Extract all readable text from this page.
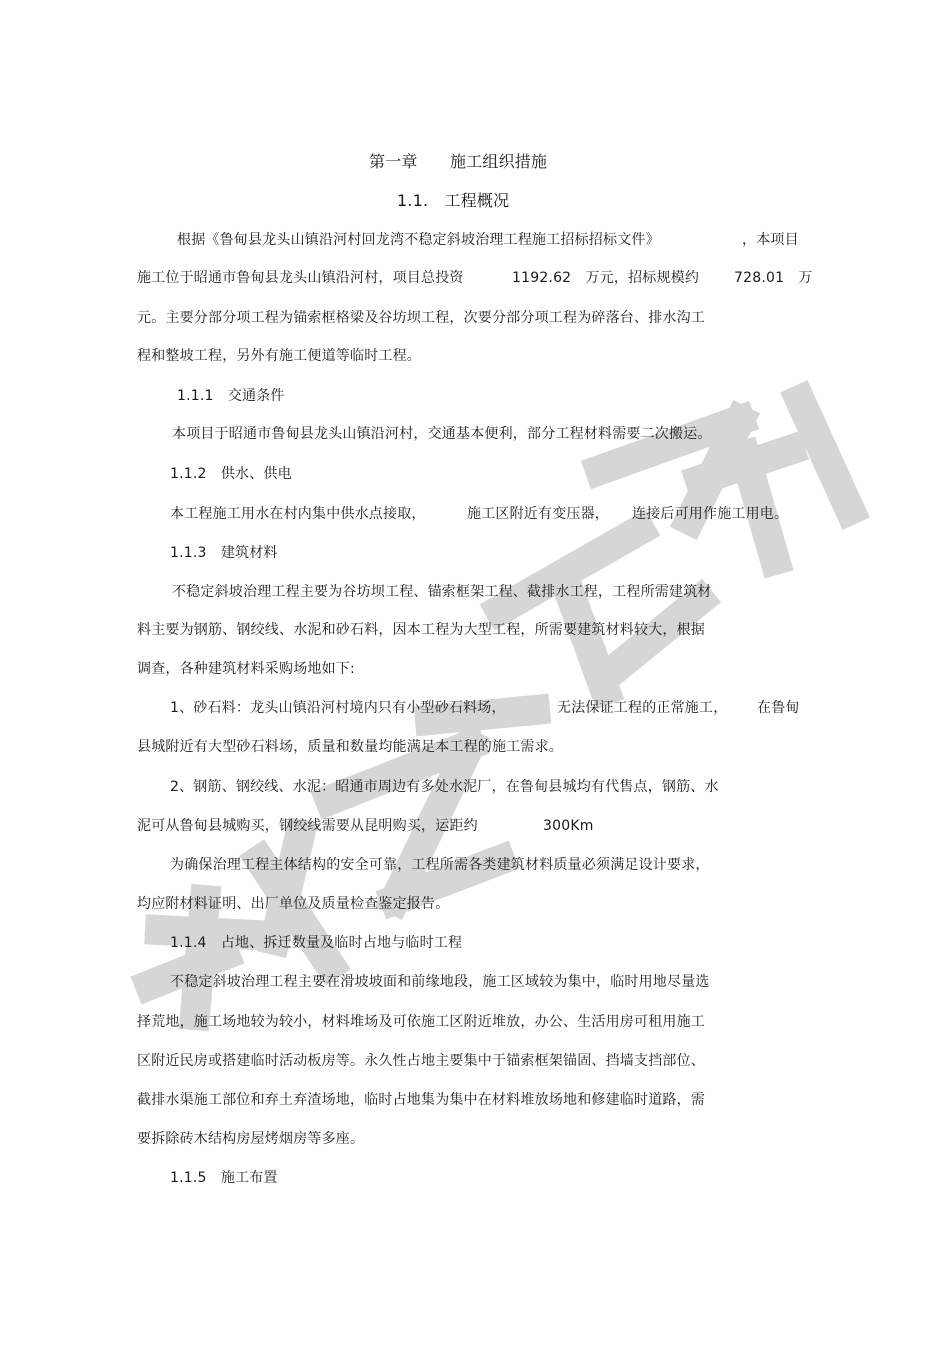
第一章　　施工组织措施
1.1.　工程概况
根据《鲁甸县龙头山镇沿河村回龙湾不稳定斜坡治理工程施工招标招标文件》	，本项目
施工位于昭通市鲁甸县龙头山镇沿河村，项目总投资	1192.62　万元，招标规模约 728.01　万
元。主要分部分项工程为锚索框格梁及谷坊坝工程，次要分部分项工程为碎落台、排水沟工
程和整坡工程，另外有施工便道等临时工程。
1.1.1　交通条件
本项目于昭通市鲁甸县龙头山镇沿河村，交通基本便利，部分工程材料需要二次搬运。
1.1.2　供水、供电
本工程施工用水在村内集中供水点接取，	施工区附近有变压器， 连接后可用作施工用电。
1.1.3　建筑材料
不稳定斜坡治理工程主要为谷坊坝工程、锚索框架工程、截排水工程，工程所需建筑材
料主要为钢筋、钢绞线、水泥和砂石料，因本工程为大型工程，所需要建筑材料较大，根据
调查，各种建筑材料采购场地如下:
1、砂石料：龙头山镇沿河村境内只有小型砂石料场，	无法保证工程的正常施工， 在鲁甸
县城附近有大型砂石料场，质量和数量均能满足本工程的施工需求。
2、钢筋、钢绞线、水泥：昭通市周边有多处水泥厂，在鲁甸县城均有代售点，钢筋、水
泥可从鲁甸县城购买，钢绞线需要从昆明购买，运距约	300Km
为确保治理工程主体结构的安全可靠，工程所需各类建筑材料质量必须满足设计要求，
均应附材料证明、出厂单位及质量检查鉴定报告。
1.1.4　占地、拆迁数量及临时占地与临时工程
不稳定斜坡治理工程主要在滑坡坡面和前缘地段，施工区域较为集中，临时用地尽量选
择荒地，施工场地较为较小，材料堆场及可依施工区附近堆放，办公、生活用房可租用施工
区附近民房或搭建临时活动板房等。永久性占地主要集中于锚索框架锚固、挡墙支挡部位、
截排水渠施工部位和弃土弃渣场地，临时占地集为集中在材料堆放场地和修建临时道路，需
要拆除砖木结构房屋烤烟房等多座。
1.1.5　施工布置
